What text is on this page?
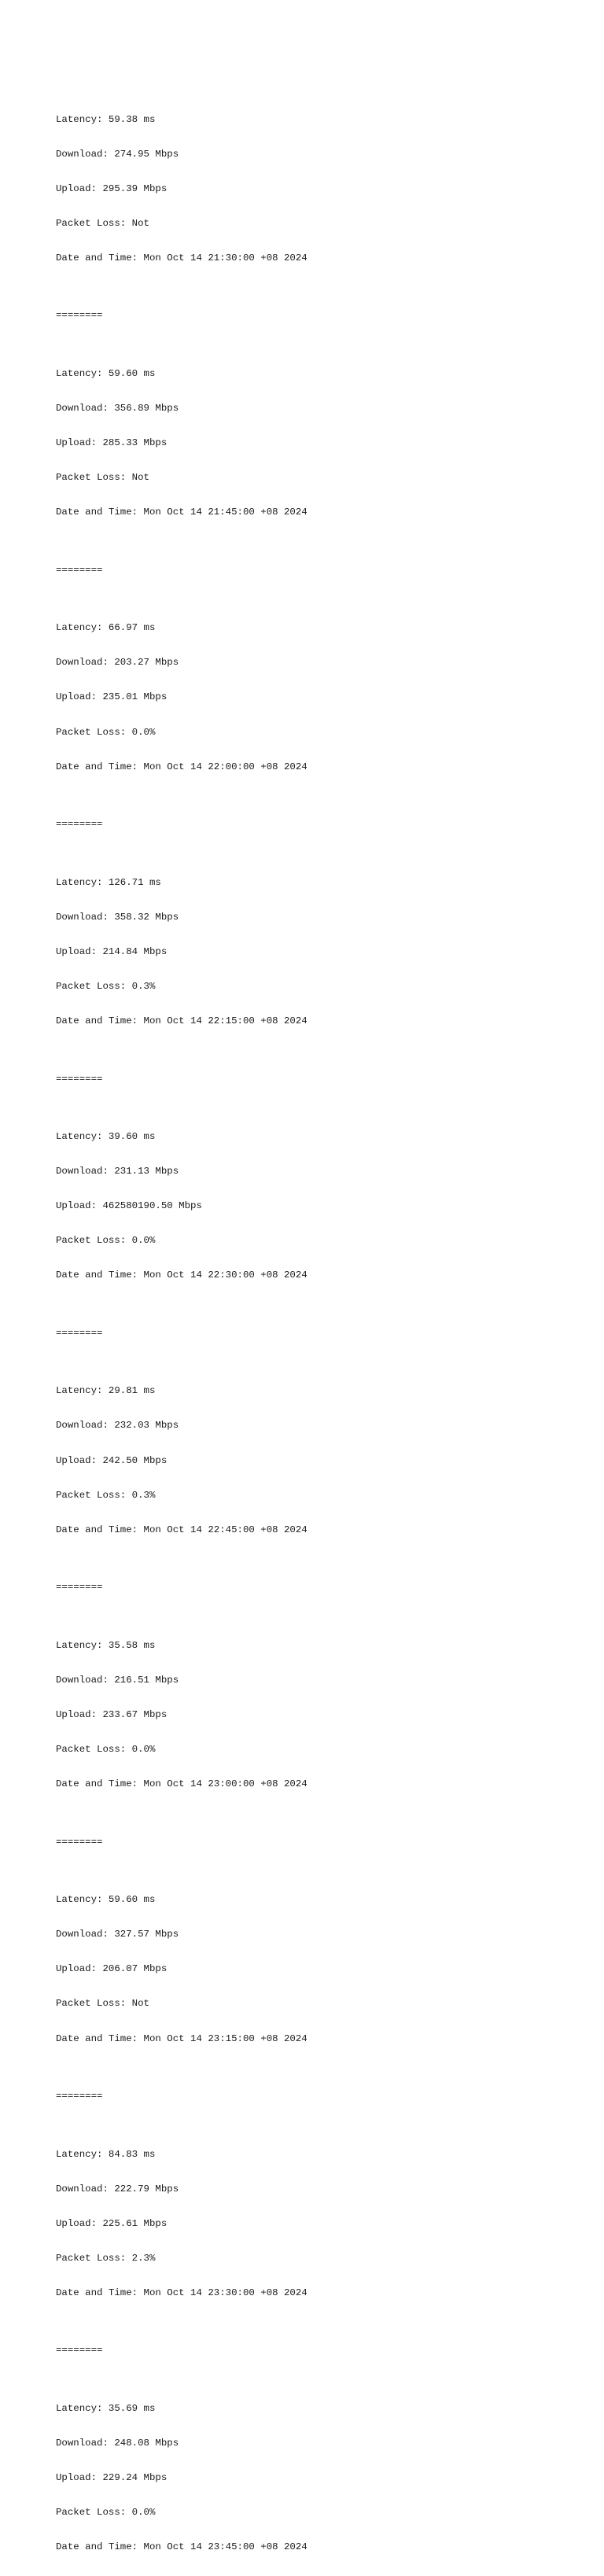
Latency: 59.38 ms

Download: 274.95 Mbps

Upload: 295.39 Mbps

Packet Loss: Not

Date and Time: Mon Oct 14 21:30:00 +08 2024

========

Latency: 59.60 ms

Download: 356.89 Mbps

Upload: 285.33 Mbps

Packet Loss: Not

Date and Time: Mon Oct 14 21:45:00 +08 2024

========

Latency: 66.97 ms

Download: 203.27 Mbps

Upload: 235.01 Mbps

Packet Loss: 0.0%

Date and Time: Mon Oct 14 22:00:00 +08 2024

========

Latency: 126.71 ms

Download: 358.32 Mbps

Upload: 214.84 Mbps

Packet Loss: 0.3%

Date and Time: Mon Oct 14 22:15:00 +08 2024

========

Latency: 39.60 ms

Download: 231.13 Mbps

Upload: 462580190.50 Mbps

Packet Loss: 0.0%

Date and Time: Mon Oct 14 22:30:00 +08 2024

========

Latency: 29.81 ms

Download: 232.03 Mbps

Upload: 242.50 Mbps

Packet Loss: 0.3%

Date and Time: Mon Oct 14 22:45:00 +08 2024

========

Latency: 35.58 ms

Download: 216.51 Mbps

Upload: 233.67 Mbps

Packet Loss: 0.0%

Date and Time: Mon Oct 14 23:00:00 +08 2024

========

Latency: 59.60 ms

Download: 327.57 Mbps

Upload: 206.07 Mbps

Packet Loss: Not

Date and Time: Mon Oct 14 23:15:00 +08 2024

========

Latency: 84.83 ms

Download: 222.79 Mbps

Upload: 225.61 Mbps

Packet Loss: 2.3%

Date and Time: Mon Oct 14 23:30:00 +08 2024

========

Latency: 35.69 ms

Download: 248.08 Mbps

Upload: 229.24 Mbps

Packet Loss: 0.0%

Date and Time: Mon Oct 14 23:45:00 +08 2024
